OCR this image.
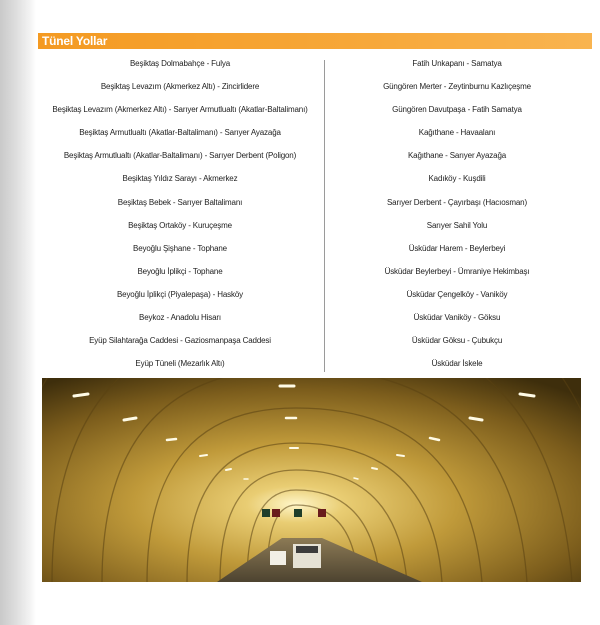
Tünel Yollar
Beşiktaş Dolmabahçe - Fulya
Beşiktaş Levazım (Akmerkez Altı) - Zincirlidere
Beşiktaş Levazım (Akmerkez Altı) - Sarıyer Armutlualtı (Akatlar-Baltalimanı)
Beşiktaş Armutlualtı (Akatlar-Baltalimanı) - Sarıyer Ayazağa
Beşiktaş Armutlualtı (Akatlar-Baltalimanı) - Sarıyer Derbent (Poligon)
Beşiktaş Yıldız Sarayı - Akmerkez
Beşiktaş Bebek - Sarıyer Baltalimanı
Beşiktaş Ortaköy - Kuruçeşme
Beyoğlu Şişhane - Tophane
Beyoğlu İplikçi - Tophane
Beyoğlu İplikçi (Piyalepaşa) - Hasköy
Beykoz - Anadolu Hisarı
Eyüp Silahtarağa Caddesi - Gaziosmanpaşa Caddesi
Eyüp Tüneli (Mezarlık Altı)
Fatih Unkapanı - Samatya
Güngören Merter - Zeytinburnu Kazlıçeşme
Güngören Davutpaşa - Fatih Samatya
Kağıthane - Havaalanı
Kağıthane - Sarıyer Ayazağa
Kadıköy - Kuşdili
Sarıyer Derbent - Çayırbaşı (Hacıosman)
Sarıyer Sahil Yolu
Üsküdar Harem - Beylerbeyi
Üsküdar Beylerbeyi - Ümraniye Hekimbaşı
Üsküdar Çengelköy - Vaniköy
Üsküdar Vaniköy - Göksu
Üsküdar Göksu - Çubukçu
Üsküdar İskele
